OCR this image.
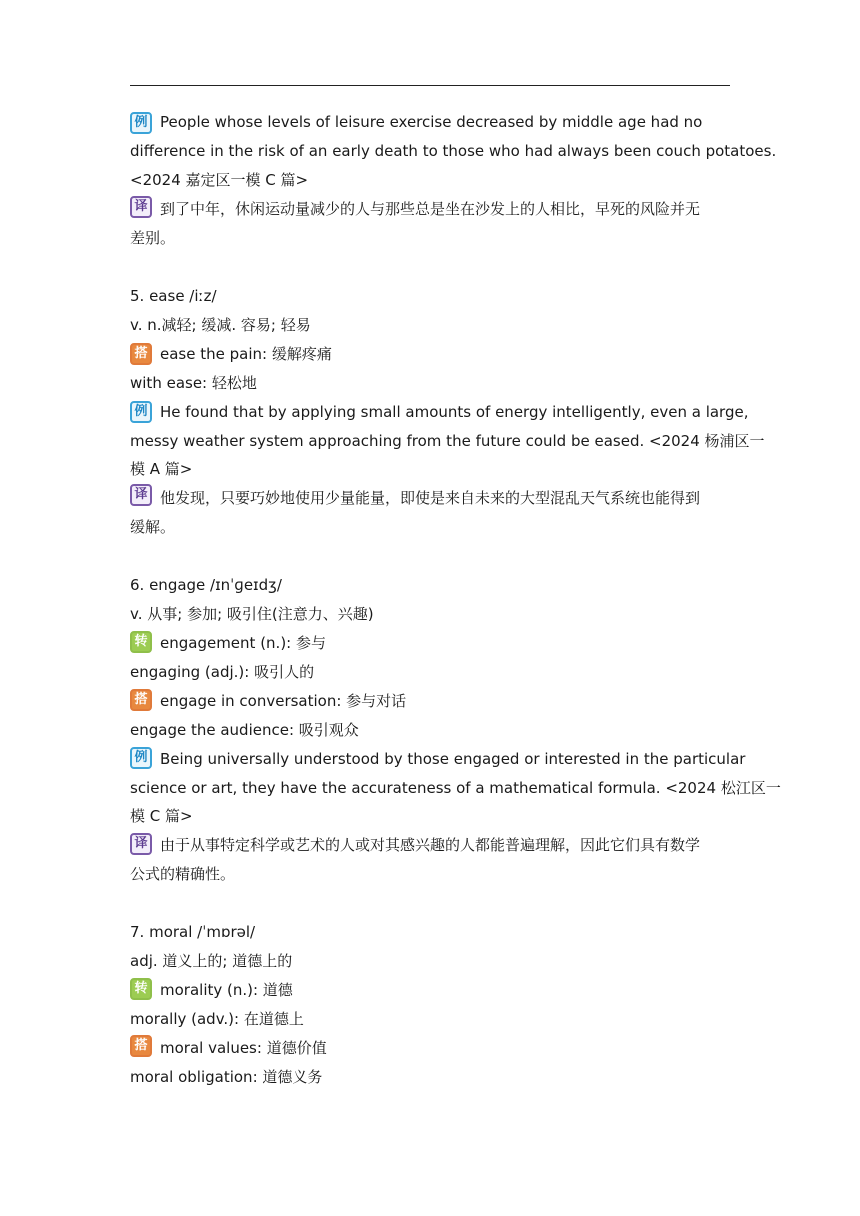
例 People whose levels of leisure exercise decreased by middle age had no
difference in the risk of an early death to those who had always been couch potatoes.
<2024 嘉定区一模 C 篇>
译 到了中年，休闲运动量减少的人与那些总是坐在沙发上的人相比，早死的风险并无
差别。
5. ease /iːz/
v. n.减轻; 缓减. 容易; 轻易
搭 ease the pain: 缓解疼痛
with ease: 轻松地
例 He found that by applying small amounts of energy intelligently, even a large,
messy weather system approaching from the future could be eased. <2024 杨浦区一
模 A 篇>
译 他发现，只要巧妙地使用少量能量，即使是来自未来的大型混乱天气系统也能得到
缓解。
6. engage /ɪnˈɡeɪdʒ/
v. 从事; 参加; 吸引住(注意力、兴趣)
转 engagement (n.): 参与
engaging (adj.): 吸引人的
搭 engage in conversation: 参与对话
engage the audience: 吸引观众
例 Being universally understood by those engaged or interested in the particular
science or art, they have the accurateness of a mathematical formula. <2024 松江区一
模 C 篇>
译 由于从事特定科学或艺术的人或对其感兴趣的人都能普遍理解，因此它们具有数学
公式的精确性。
7. moral /ˈmɒrəl/
adj. 道义上的; 道德上的
转 morality (n.): 道德
morally (adv.): 在道德上
搭 moral values: 道德价值
moral obligation: 道德义务
